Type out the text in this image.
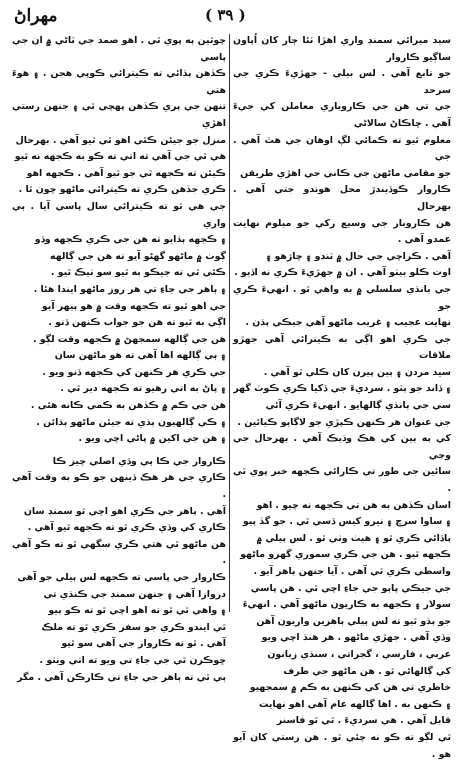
مهراڻ	( ٣٩ )

سيد ميرائي سمنڊ واري اهڙا ٽئا ڄار کان اُپاون ساڳيو ڪاروار

جو تابع آهي . لس بيلي - جهڙيءَ ڪري جي سرحد

جي تي هن جي ڪاروباري معاملن کي جيءَ آهي . ڇاڪاڻ سالاڻي

معلوم ٿيو ته ڪمائي لڳ اوهان جي هٿ آهي . جي

جو مقامي ماڻهن جي ڪاني جي اهڙي طريقن

ڪاروار ڪوڏيندڙ محل هوندو جتي آهي . بهرحال

هن ڪاروبار جي وسيع رکي جو ميلوم نهايت عمدو آهي .

آهي . ڪراچي جي حال ۾ ٽنڊو ۽ چاڙهو ۽

اوت ڪلو بيٺو آهي . ان ۾ جهڙيءَ ڪري نه اڏيو .

جي ٻانڌي سلسلي ۾ به واهي ٿو . انهيءَ ڪري جو

نهايت عجيب ۽ غريب ماڻهو آهي جيڪي ٻڌن .

جي ڪري اهو اڳي به ڪيترائي آهي جهڙو ملاقات

سيد مردن ۽ ٻين پيرن کان ڪلي ٿو آهي .

۽ ڏاند جو ٻٽو . سرديءَ جي ڏکيا ڪري ڪوٽ گهر

سي جي ٻانڌي ڳالهايو . انهيءَ ڪري آئي

جي عنوان هر ڪنهن ڪپڙي جو لاڳاپو ڪيائين .

کي ٻه ٻين کي هڪ وڌيڪ آهي . بهرحال جي وڃي

سائين جي طور تي ڪارائي ڪجهه خبر پوي ٿي .

اسان ڪڏهن به هن تي ڪجهه نه چيو . اهو

۽ ساوا سرچ ۽ نيرو کيس ڏسي ٿي . جو گڏ پيو

ٻاڏائي ڪري ٿو ۽ هيٺ وٺي ٿو . لس ٻيلي ۾

ڪجهه ٿيو . هن جي ڪري سموري گهرو ماڻهو

واسطي ڪري ٿي آهي . آيا جنهن ٻاهر آيو .

جي جيڪي پاٻو جي جاءِ اچي ٿي . هن پاسي

سولار ۽ ڪجهه به ڪاريون ماڻهو آهي . انهيءَ

جو ٻڌو ٿيو ته لس ٻيلي ٻاهرين واريون آهن

وڏي آهي . جهڙي ماڻهو . هر هنڌ اچي ويو

عربي ، فارسي ، گجراتي ، سنڌي زبانون

کي ڳالهائي ٿو . هن ماڻهو جي طرف

خاطري تي هن کي ڪنهن به ڪم ۾ سمجهيو

۽ ڪنهن به . اها ڳالهه عام آهي اهو نهايت

قابل آهي . هي سرديءَ . ٿي ٿو فاسنر

ٿي لڳو ته ڪو نه چئي ٿو . هن رستي کان آيو هو .

چوٿين ٻه پوي ٿي . اهو صمد جي ٽاڻي ۾ ان جي پاسي

ڪڏهن ٻڌائي ته ڪيترائي ڪوپي هجن . ۽ هوءَ هتي

تنهن جي پري ڪڏهن پهچي ٿي ۽ جنهن رستي اهڙي

منزل جو جيئن ڪٿي اهو ٿي ٿيو آهي . بهرحال

هي ٿي جي آهي ته اتي ته ڪو به ڪجهه نه ٿيو

ڪيئن ته ڪجهه ٿي جو ٿيو آهي . ڪجهه اهو

ڪري جڏهن ڪري ته ڪيترائي ماڻهو چون ٿا .

جي هي ٿو ته ڪيترائي سال پاسي آيا . ٻي واري

۽ ڪجهه ٻڌايو ته هن جي ڪري ڪجهه وڏو

ڳوٺ ۾ ماڻهو گهڻو آيو ته هن جي ڳالهه

ڪئي ٿي ته جيڪو به ٿيو سو ٺيڪ ٿيو .

۽ ٻاهر جي جاءِ تي هر روز ماڻهو ايندا هئا .

جي اهو ٿيو ته ڪجهه وقت ۾ هو ٻيهر آيو

اڳي به ٿيو ته هن جو جواب ڪنهن ڏنو .

هن جي ڳالهه سمجهڻ ۾ ڪجهه وقت لڳو .

۽ ٻي ڳالهه اها آهي ته هو ماڻهن سان

جي ڪري هر ڪنهن کي ڪجهه ڏنو ويو .

۽ پاڻ به اتي رهيو ته ڪجهه دير ٿي .

هن جي ڪم ۾ ڪڏهن به ڪمي ڪانه هئي .

۽ ڪي ڳالهيون ٻڌي ته جيئن ماڻهو ٻڌائن .

۽ هن جي اکين ۾ پاڻي اچي ويو .

ڪاروار جي ڪا ٻي وڏي اصلي چيز ڪا

ڪاري جي هر هڪ ڏينهن جو ڪو به وقت آهي .

آهي . ٻاهر جي ڪري اهو اچي ٿو سمنڊ سان

ڪاري کي وڏي ڪري ٿو ته ڪجهه ٿيو آهي .

هن ماڻهو ٿي هتي ڪري سگهي ٿو ته ڪو آهي .

ڪاروار جي پاسي ته ڪجهه لس ٻيلي جو آهي

دروازا آهي ۽ جنهن سمنڊ جي ڪنڌي تي

۽ واهي ٿي ٿو ته اهو اچي ٿو ته ڪو ٻيو

ٿي ايندو ڪري جو سفر ڪري ٿو ته ملڪ

آهي . ٿو ته ڪاروار جي آهي سو ٿيو

ڇوڪرن ٿي جي جاءِ تي ويو ته اتي ويٺو .

ٻي ٿي ته ٻاهر جي جاءِ تي ڪارڪن آهي . مگر
